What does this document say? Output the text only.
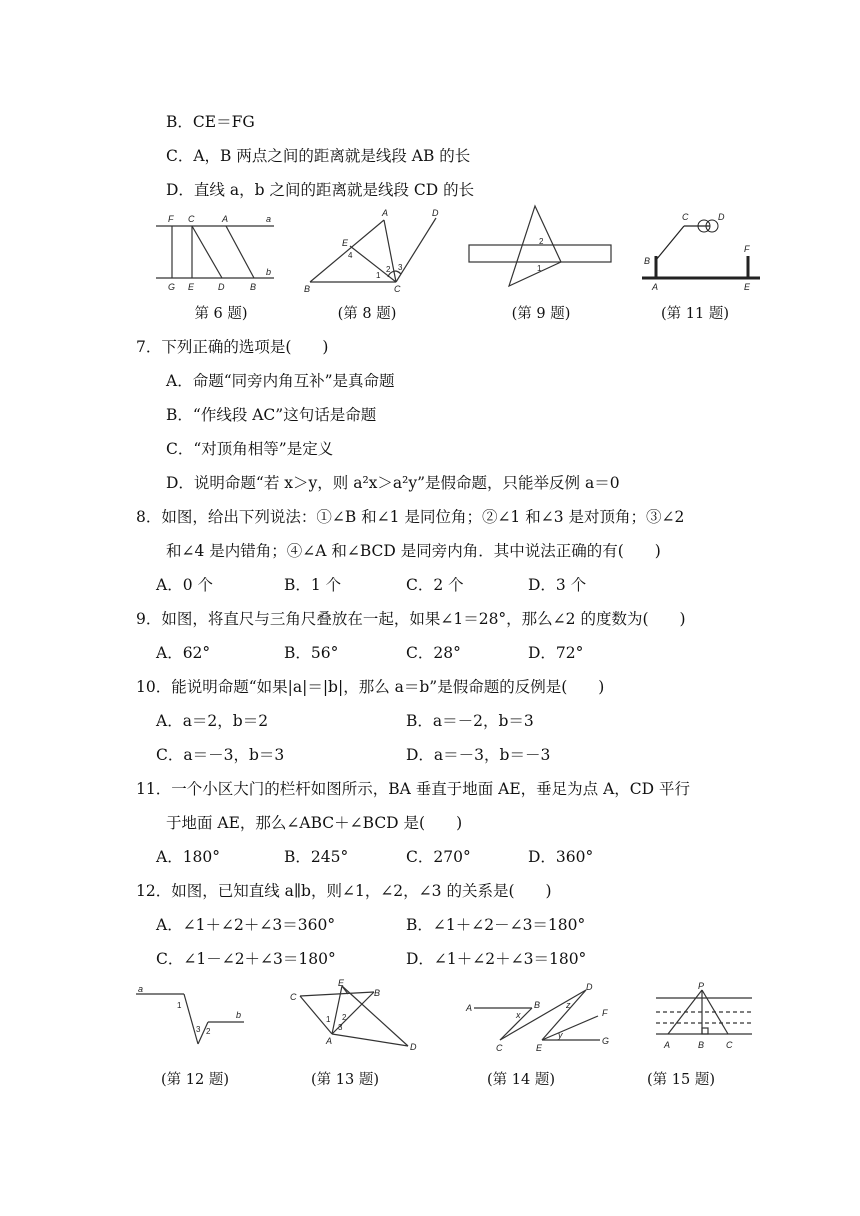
B．CE＝FG
C．A，B 两点之间的距离就是线段 AB 的长
D．直线 a，b 之间的距离就是线段 CD 的长
F C	A	a
b
G E	D	B
第 6 题)
A	D
E
B	C
4
1
2 3
(第 8 题)
2
1
(第 9 题)
C	D
B
F
A	E
(第 11 题)
7．下列正确的选项是(　　)
A．命题“同旁内角互补”是真命题
B．“作线段 AC”这句话是命题
C．“对顶角相等”是定义
D．说明命题“若 x＞y，则 a²x＞a²y”是假命题，只能举反例 a＝0
8．如图，给出下列说法：①∠B 和∠1 是同位角；②∠1 和∠3 是对顶角；③∠2
和∠4 是内错角；④∠A 和∠BCD 是同旁内角．其中说法正确的有(　　)
A．0 个	B．1 个	C．2 个	D．3 个
9．如图，将直尺与三角尺叠放在一起，如果∠1＝28°，那么∠2 的度数为(　　)
A．62°	B．56°	C．28°	D．72°
10．能说明命题“如果|a|＝|b|，那么 a＝b”是假命题的反例是(　　)
A．a＝2，b＝2	B．a＝－2，b＝3
C．a＝－3，b＝3	D．a＝－3，b＝－3
11．一个小区大门的栏杆如图所示，BA 垂直于地面 AE，垂足为点 A，CD 平行
于地面 AE，那么∠ABC＋∠BCD 是(　　)
A．180°	B．245°	C．270°	D．360°
12．如图，已知直线 a∥b，则∠1，∠2，∠3 的关系是(　　)
A．∠1＋∠2＋∠3＝360°	B．∠1＋∠2－∠3＝180°
C．∠1－∠2＋∠3＝180°	D．∠1＋∠2＋∠3＝180°
a
b
1
3 2
(第 12 题)
C
E
B
A
D
1 2
3
(第 13 题)
A	B
C
D
F
E
G
x
z
y
(第 14 题)
P
A	B C
(第 15 题)
